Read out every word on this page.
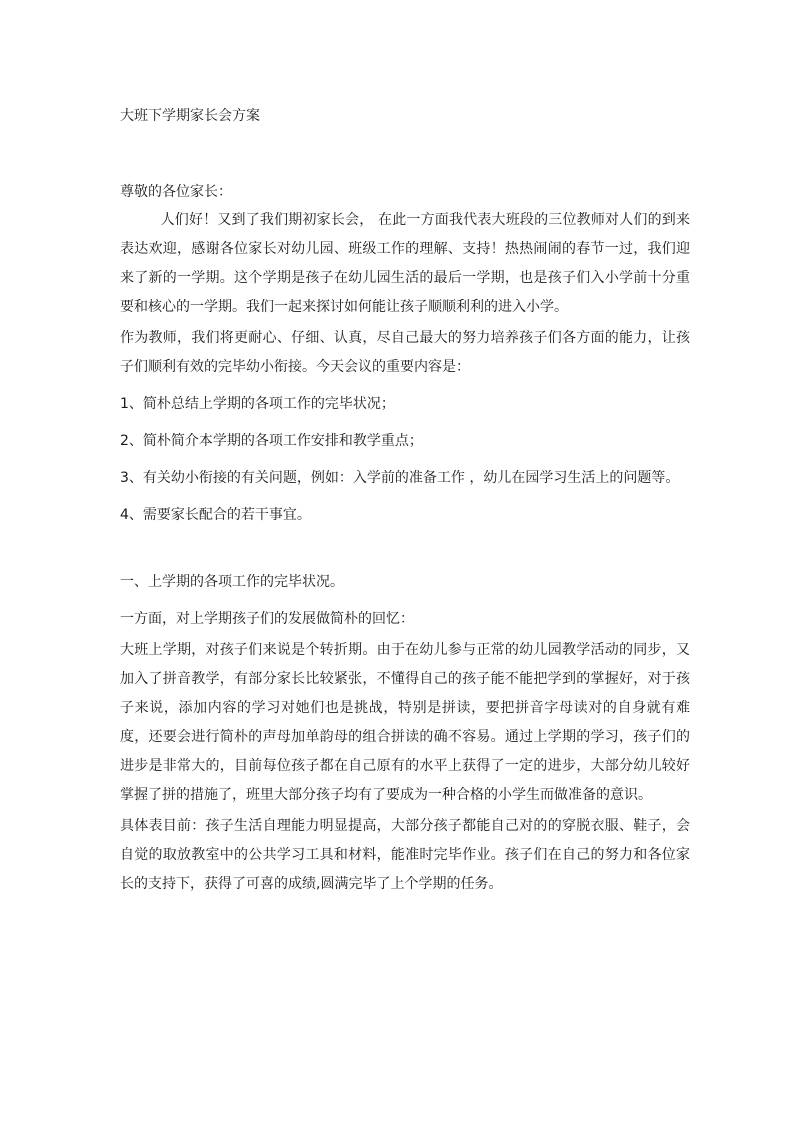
大班下学期家长会方案

尊敬的各位家长：

人们好！又到了我们期初家长会， 在此一方面我代表大班段的三位教师对人们的到来表达欢迎，感谢各位家长对幼儿园、班级工作的理解、支持！热热闹闹的春节一过，我们迎来了新的一学期。这个学期是孩子在幼儿园生活的最后一学期，也是孩子们入小学前十分重要和核心的一学期。我们一起来探讨如何能让孩子顺顺利利的进入小学。

作为教师，我们将更耐心、仔细、认真，尽自己最大的努力培养孩子们各方面的能力，让孩子们顺利有效的完毕幼小衔接。今天会议的重要内容是：

1、简朴总结上学期的各项工作的完毕状况；

2、简朴简介本学期的各项工作安排和教学重点；

3、有关幼小衔接的有关问题，例如：入学前的准备工作 ，幼儿在园学习生活上的问题等。

4、需要家长配合的若干事宜。

一、上学期的各项工作的完毕状况。

一方面，对上学期孩子们的发展做简朴的回忆：

大班上学期，对孩子们来说是个转折期。由于在幼儿参与正常的幼儿园教学活动的同步，又加入了拼音教学，有部分家长比较紧张，不懂得自己的孩子能不能把学到的掌握好，对于孩子来说，添加内容的学习对她们也是挑战，特别是拼读，要把拼音字母读对的自身就有难度，还要会进行简朴的声母加单韵母的组合拼读的确不容易。通过上学期的学习，孩子们的进步是非常大的，目前每位孩子都在自己原有的水平上获得了一定的进步，大部分幼儿较好掌握了拼的措施了，班里大部分孩子均有了要成为一种合格的小学生而做准备的意识。

具体表目前：孩子生活自理能力明显提高，大部分孩子都能自己对的的穿脱衣服、鞋子，会自觉的取放教室中的公共学习工具和材料，能准时完毕作业。孩子们在自己的努力和各位家长的支持下，获得了可喜的成绩,圆满完毕了上个学期的任务。
